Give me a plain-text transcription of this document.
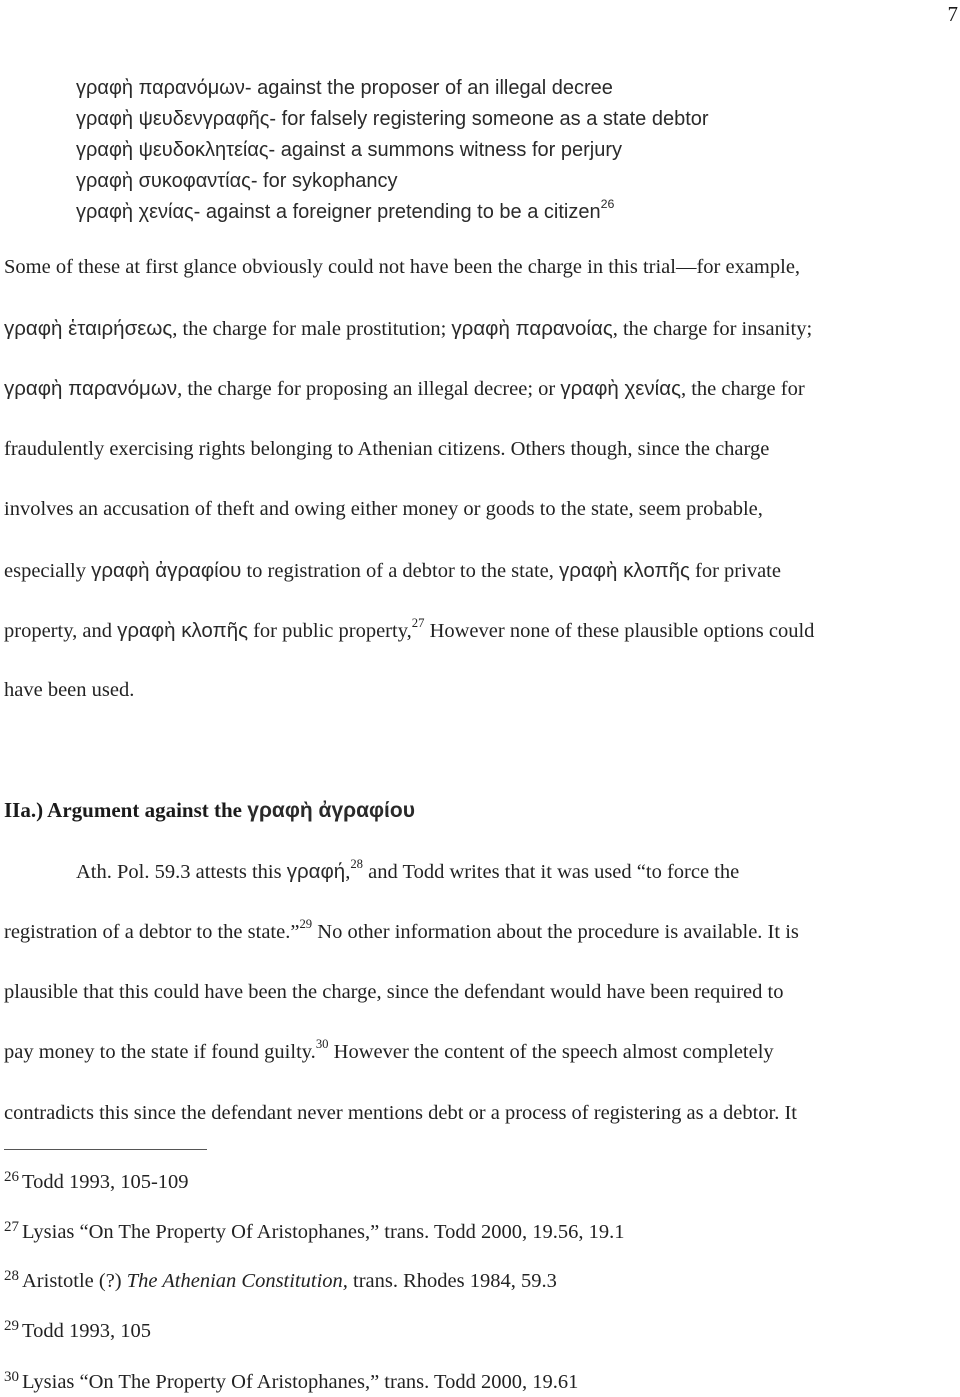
7
γραφὴ παρανόμων- against the proposer of an illegal decree
γραφὴ ψευδενγραφῆς- for falsely registering someone as a state debtor
γραφὴ ψευδοκλητείας- against a summons witness for perjury
γραφὴ συκοφαντίας- for sykophancy
γραφὴ χενίας- against a foreigner pretending to be a citizen$^{26}$
Some of these at first glance obviously could not have been the charge in this trial—for example,
γραφὴ ἑταιρήσεως, the charge for male prostitution; γραφὴ παρανοίας, the charge for insanity;
γραφὴ παρανόμων, the charge for proposing an illegal decree; or γραφὴ χενίας, the charge for
fraudulently exercising rights belonging to Athenian citizens. Others though, since the charge
involves an accusation of theft and owing either money or goods to the state, seem probable,
especially γραφὴ ἀγραφίου to registration of a debtor to the state, γραφὴ κλοπῆς for private
property, and γραφὴ κλοπῆς for public property,$^{27}$ However none of these plausible options could
have been used.
IIa.) Argument against the γραφὴ ἀγραφίου
Ath. Pol. 59.3 attests this γραφή,$^{28}$ and Todd writes that it was used “to force the
registration of a debtor to the state.”$^{29}$ No other information about the procedure is available. It is
plausible that this could have been the charge, since the defendant would have been required to
pay money to the state if found guilty.$^{30}$ However the content of the speech almost completely
contradicts this since the defendant never mentions debt or a process of registering as a debtor. It
$^{26}$ Todd 1993, 105-109
$^{27}$ Lysias “On The Property Of Aristophanes,” trans. Todd 2000, 19.56, 19.1
$^{28}$ Aristotle (?) The Athenian Constitution, trans. Rhodes 1984, 59.3
$^{29}$ Todd 1993, 105
$^{30}$ Lysias “On The Property Of Aristophanes,” trans. Todd 2000, 19.61
